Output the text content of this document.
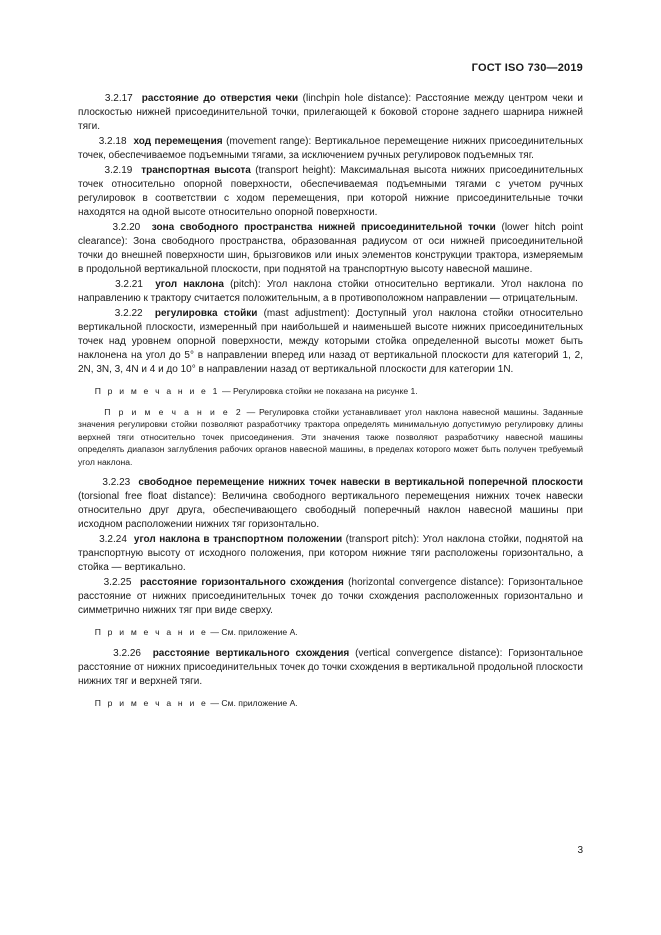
ГОСТ ISO 730—2019

3.2.17 расстояние до отверстия чеки (linchpin hole distance): Расстояние между центром чеки и плоскостью нижней присоединительной точки, прилегающей к боковой стороне заднего шарнира нижней тяги.

3.2.18 ход перемещения (movement range): Вертикальное перемещение нижних присоединительных точек, обеспечиваемое подъемными тягами, за исключением ручных регулировок подъемных тяг.

3.2.19 транспортная высота (transport height): Максимальная высота нижних присоединительных точек относительно опорной поверхности, обеспечиваемая подъемными тягами с учетом ручных регулировок в соответствии с ходом перемещения, при которой нижние присоединительные точки находятся на одной высоте относительно опорной поверхности.

3.2.20 зона свободного пространства нижней присоединительной точки (lower hitch point clearance): Зона свободного пространства, образованная радиусом от оси нижней присоединительной точки до внешней поверхности шин, брызговиков или иных элементов конструкции трактора, измеряемым в продольной вертикальной плоскости, при поднятой на транспортную высоту навесной машине.

3.2.21 угол наклона (pitch): Угол наклона стойки относительно вертикали. Угол наклона по направлению к трактору считается положительным, а в противоположном направлении — отрицательным.

3.2.22 регулировка стойки (mast adjustment): Доступный угол наклона стойки относительно вертикальной плоскости, измеренный при наибольшей и наименьшей высоте нижних присоединительных точек над уровнем опорной поверхности, между которыми стойка определенной высоты может быть наклонена на угол до 5° в направлении вперед или назад от вертикальной плоскости для категорий 1, 2, 2N, 3N, 3, 4N и 4 и до 10° в направлении назад от вертикальной плоскости для категории 1N.

П р и м е ч а н и е 1 — Регулировка стойки не показана на рисунке 1.

П р и м е ч а н и е 2 — Регулировка стойки устанавливает угол наклона навесной машины. Заданные значения регулировки стойки позволяют разработчику трактора определять минимальную допустимую регулировку длины верхней тяги относительно точек присоединения. Эти значения также позволяют разработчику навесной машины определять диапазон заглубления рабочих органов навесной машины, в пределах которого может быть получен требуемый угол наклона.

3.2.23 свободное перемещение нижних точек навески в вертикальной поперечной плоскости (torsional free float distance): Величина свободного вертикального перемещения нижних точек навески относительно друг друга, обеспечивающего свободный поперечный наклон навесной машины при исходном расположении нижних тяг горизонтально.

3.2.24 угол наклона в транспортном положении (transport pitch): Угол наклона стойки, поднятой на транспортную высоту от исходного положения, при котором нижние тяги расположены горизонтально, а стойка — вертикально.

3.2.25 расстояние горизонтального схождения (horizontal convergence distance): Горизонтальное расстояние от нижних присоединительных точек до точки схождения расположенных горизонтально и симметрично нижних тяг при виде сверху.

П р и м е ч а н и е — См. приложение А.

3.2.26 расстояние вертикального схождения (vertical convergence distance): Горизонтальное расстояние от нижних присоединительных точек до точки схождения в вертикальной продольной плоскости нижних тяг и верхней тяги.

П р и м е ч а н и е — См. приложение А.

3
